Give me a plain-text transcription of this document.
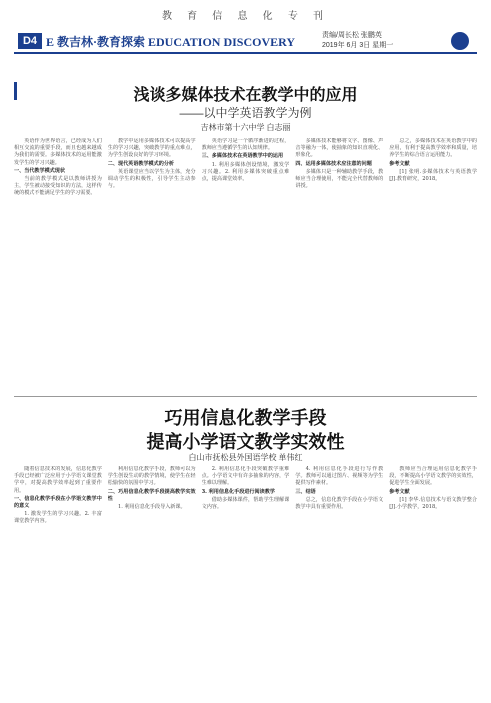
教 育 信 息 化 专 刊
D4 E 教吉林·教育探索 EDUCATION DISCOVERY	责编/周长松 张鹏英
2019年 6月 3日 星期一
浅谈多媒体技术在教学中的应用
——以中学英语教学为例
吉林市第十六中学 白志丽

英语作为世界语言，已经成为人们相互交流的重要手段，而且也越来越成为我们的需要。多媒体技术的运用能激发学生的学习兴趣。

一、当代教学模式现状

当前的教学模式是以教师讲授为主，学生被动接受知识的方法，这样传统的模式不能满足学生的学习需要。

教学中运用多媒体技术可以提高学生的学习兴趣，突破教学的重点难点，为学生创设良好的学习环境。

二、现代英语教学模式的分析

英语课堂应当以学生为主体，充分调动学生的积极性，引导学生主动参与。

英语学习是一个循序渐进的过程，教师应当遵循学生的认知规律。

三、多媒体技术在英语教学中的运用

1. 利用多媒体创设情境，激发学习兴趣。2. 利用多媒体突破重点难点，提高课堂效率。

多媒体技术能够将文字、图像、声音等融为一体，使抽象的知识直观化、形象化。

四、运用多媒体技术应注意的问题

多媒体只是一种辅助教学手段，教师应当合理使用，不能完全代替教师的讲授。

总之，多媒体技术在英语教学中的应用，有利于提高教学效率和质量，培养学生的综合语言运用能力。

参考文献

[1] 张明.多媒体技术与英语教学[J].教育研究，2018。

巧用信息化教学手段
提高小学语文教学实效性
白山市抚松县外国语学校 单伟红

随着信息技术的发展，信息化教学手段已经被广泛应用于小学语文课堂教学中，对提高教学效率起到了重要作用。

一、信息化教学手段在小学语文教学中的意义

1. 激发学生的学习兴趣。2. 丰富课堂教学内容。

利用信息化教学手段，教师可以为学生创设生动的教学情境，使学生在轻松愉快的氛围中学习。

二、巧用信息化教学手段提高教学实效性

1. 利用信息化手段导入新课。

2. 利用信息化手段突破教学重难点。小学语文中有许多抽象的内容，学生难以理解。

3. 利用信息化手段进行阅读教学

借助多媒体课件，帮助学生理解课文内容。

4. 利用信息化手段进行写作教学。教师可以通过图片、视频等为学生提供写作素材。

三、结语

总之，信息化教学手段在小学语文教学中具有重要作用。

教师应当合理运用信息化教学手段，不断提高小学语文教学的实效性，促进学生全面发展。

参考文献

[1] 李华.信息技术与语文教学整合[J].小学教学，2018。
